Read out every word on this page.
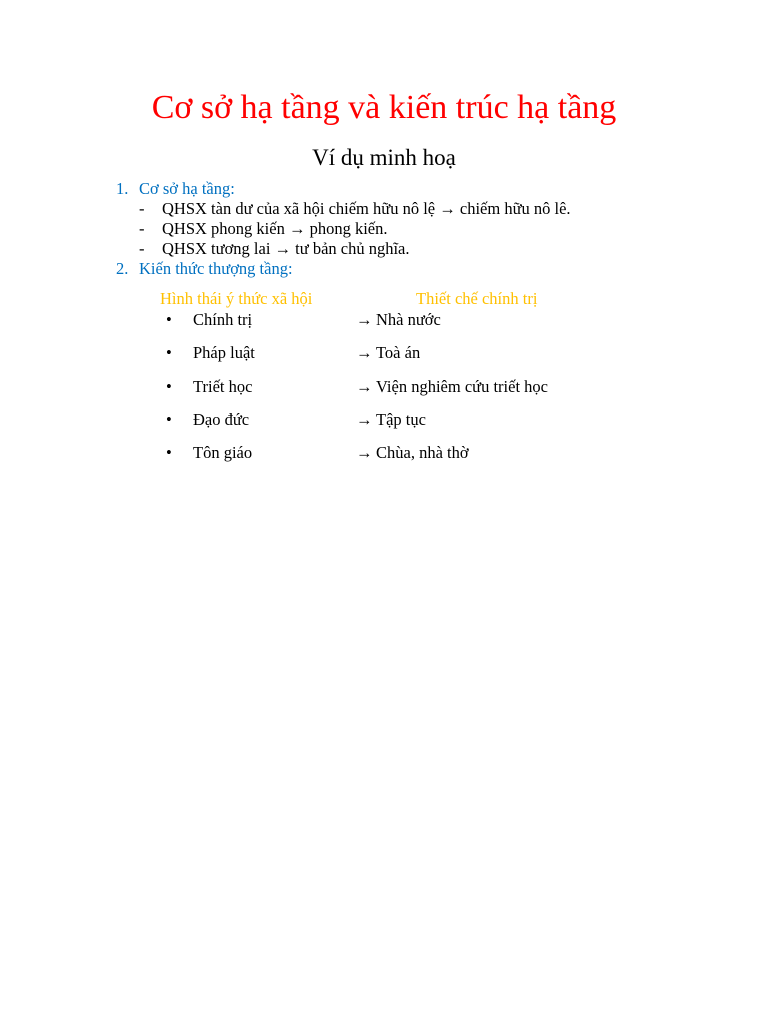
Cơ sở hạ tầng và kiến trúc hạ tầng
Ví dụ minh hoạ
1. Cơ sở hạ tầng:
- QHSX tàn dư của xã hội chiếm hữu nô lệ → chiếm hữu nô lê.
- QHSX phong kiến → phong kiến.
- QHSX tương lai → tư bản chủ nghĩa.
2. Kiến thức thượng tầng:
Hình thái ý thức xã hội	Thiết chế chính trị
• Chính trị	→ Nhà nước
• Pháp luật	→ Toà án
• Triết học	→ Viện nghiêm cứu triết học
• Đạo đức	→ Tập tục
• Tôn giáo	→ Chùa, nhà thờ
